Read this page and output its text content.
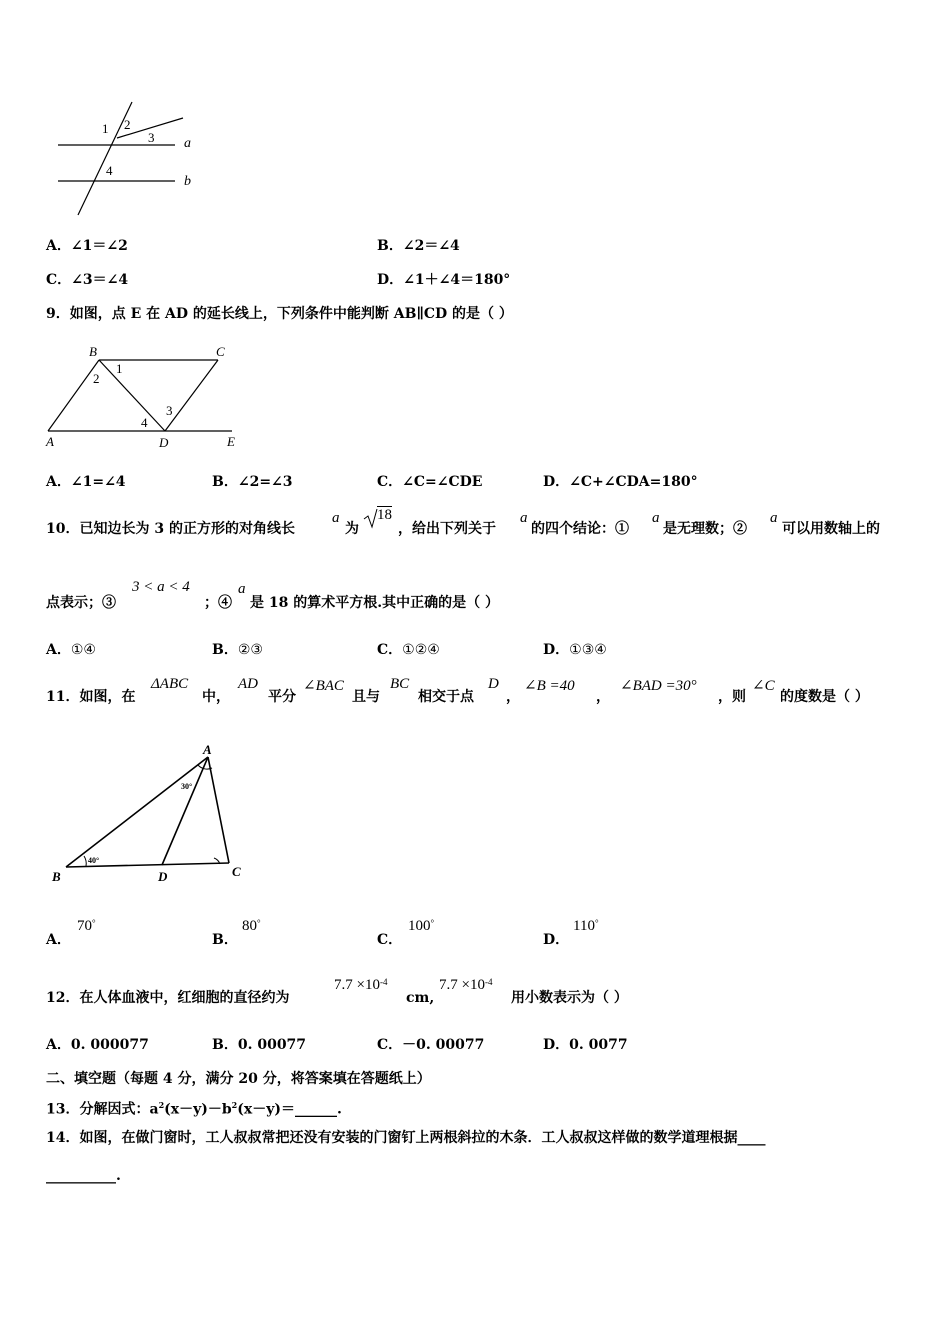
1 2
3 a
4
b
A．∠1＝∠2	B．∠2＝∠4
C．∠3＝∠4	D．∠1＋∠4＝180°
9．如图，点 E 在 AD 的延长线上，下列条件中能判断 AB∥CD 的是（ ）
B	C
1
2
A	D	E
3
4
A．∠1=∠4	B．∠2=∠3	C．∠C=∠CDE	D．∠C+∠CDA=180°
10．已知边长为 3 的正方形的对角线长
a
为
18
，给出下列关于
a
的四个结论：①
a
是无理数；②
a
可以用数轴上的
点表示；③
3 < a < 4
；④
a
是 18 的算术平方根.其中正确的是（ ）
A．①④	B．②③	C．①②④	D．①③④
11．如图，在
ΔABC
中，
AD
平分
∠BAC
且与
BC
相交于点
D
，
∠B =40
，
∠BAD =30°
，则
∠C
的度数是（ ）
A
30°
B
40°
D	C
A．
70°
B．
80°
C．
100°
D．
110°
12．在人体血液中，红细胞的直径约为
$7.7 \times 10^{-4}$
cm,
$7.7 \times 10^{-4}$
用小数表示为（ ）
A．0. 000077	B．0. 00077	C．－0. 00077	D．0. 0077
二、填空题（每题 4 分，满分 20 分，将答案填在答题纸上）
13．分解因式：$a^2(x-y)-b^2(x-y)=\_\_\_\_\_\_$.
14．如图，在做门窗时，工人叔叔常把还没有安装的门窗钉上两根斜拉的木条．工人叔叔这样做的数学道理根据____
__________.
